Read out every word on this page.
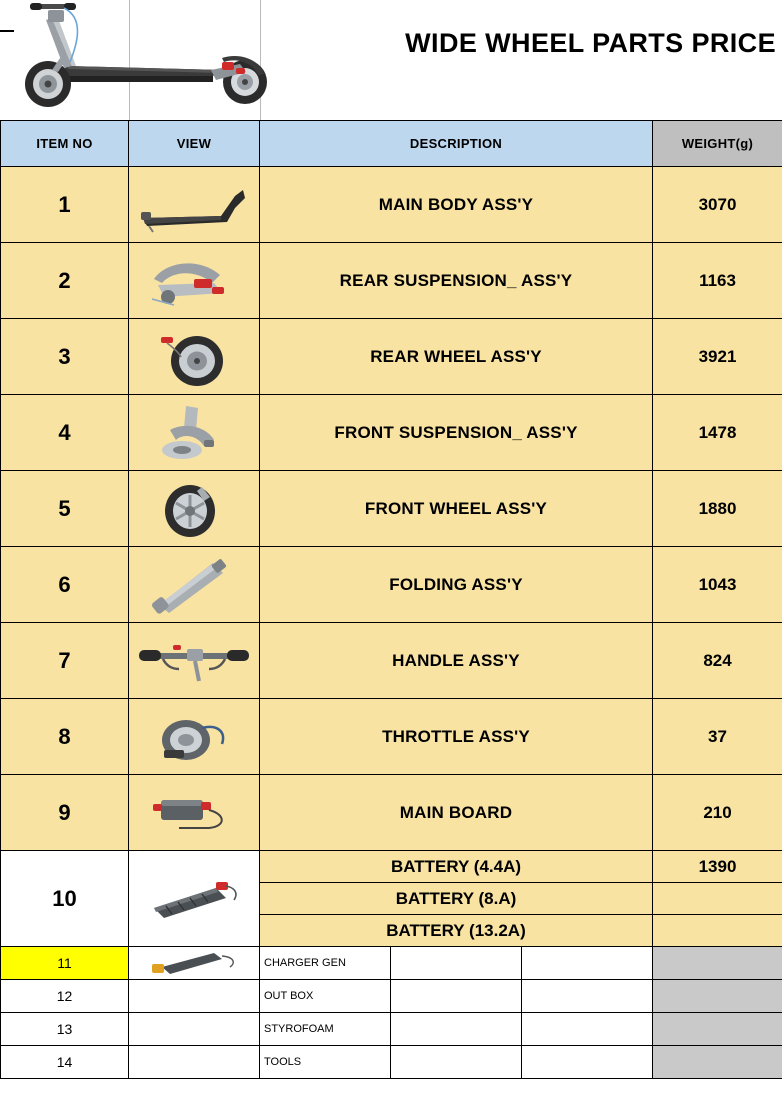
WIDE WHEEL PARTS PRICE
ITEM NO	VIEW	DESCRIPTION			WEIGHT(g)
1		MAIN BODY ASS'Y			3070
2		REAR SUSPENSION_ ASS'Y			1163
3		REAR WHEEL ASS'Y			3921
4		FRONT SUSPENSION_ ASS'Y			1478
5		FRONT WHEEL ASS'Y			1880
6		FOLDING ASS'Y			1043
7		HANDLE ASS'Y			824
8		THROTTLE ASS'Y			37
9		MAIN BOARD			210
10		BATTERY (4.4A)			1390
		BATTERY (8.A)			
		BATTERY (13.2A)			
11		CHARGER GEN			
12		OUT BOX			
13		STYROFOAM			
14		TOOLS			
